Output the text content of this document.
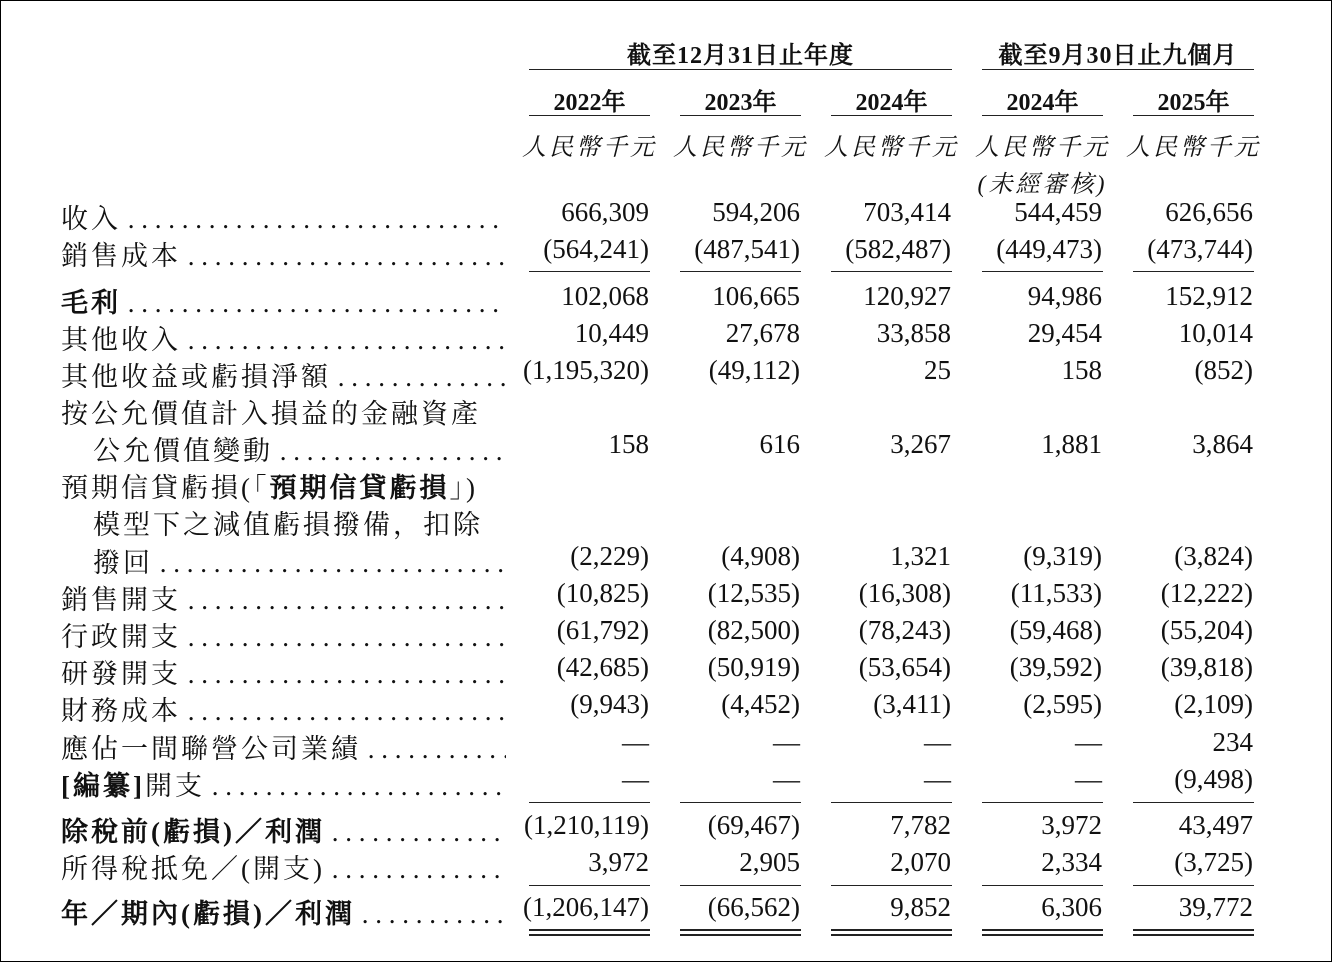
截至12月31日止年度	截至9月30日止九個月
2022年	2023年	2024年	2024年	2025年
人民幣千元 人民幣千元 人民幣千元 人民幣千元 人民幣千元
(未經審核)
收入 . . .	666,309	594,206	703,414	544,459	626,656
銷售成本 . . .	(564,241)	(487,541)	(582,487)	(449,473)	(473,744)
毛利 . . .	102,068	106,665	120,927	94,986	152,912
其他收入 . . .	10,449	27,678	33,858	29,454	10,014
其他收益或虧損淨額 . . .	(1,195,320)	(49,112)	25	158	(852)
按公允價值計入損益的金融資產
公允價值變動 . . .	158	616	3,267	1,881	3,864
預期信貸虧損(「預期信貸虧損」)
模型下之減值虧損撥備，扣除
撥回 . . .	(2,229)	(4,908)	1,321	(9,319)	(3,824)
銷售開支 . . .	(10,825)	(12,535)	(16,308)	(11,533)	(12,222)
行政開支 . . .	(61,792)	(82,500)	(78,243)	(59,468)	(55,204)
研發開支 . . .	(42,685)	(50,919)	(53,654)	(39,592)	(39,818)
財務成本 . . .	(9,943)	(4,452)	(3,411)	(2,595)	(2,109)
應佔一間聯營公司業績 . . .	—	—	—	—	234
[編纂]開支 . . .	—	—	—	—	(9,498)
除稅前(虧損)／利潤 . . .	(1,210,119)	(69,467)	7,782	3,972	43,497
所得稅抵免／(開支) . . .	3,972	2,905	2,070	2,334	(3,725)
年／期內(虧損)／利潤 . . .	(1,206,147)	(66,562)	9,852	6,306	39,772
